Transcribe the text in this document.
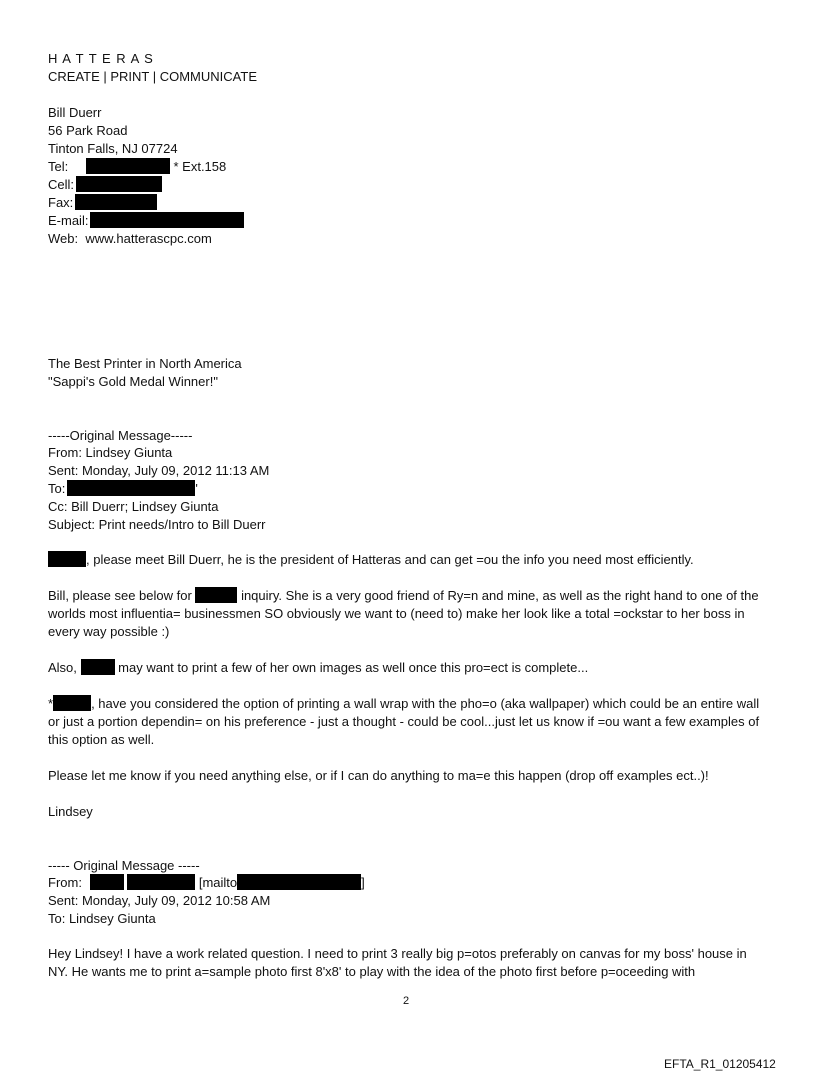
H A T T E R A S
CREATE | PRINT | COMMUNICATE
Bill Duerr
56 Park Road
Tinton Falls, NJ 07724
Tel:	* Ext.158
Cell:
Fax:
E-mail:
Web: www.hatterascpc.com
The Best Printer in North America
"Sappi's Gold Medal Winner!"
-----Original Message-----
From: Lindsey Giunta
Sent: Monday, July 09, 2012 11:13 AM
To:	'
Cc: Bill Duerr; Lindsey Giunta
Subject: Print needs/Intro to Bill Duerr
, please meet Bill Duerr, he is the president of Hatteras and can get =ou the info you need most efficiently.
Bill, please see below for	inquiry. She is a very good friend of Ry=n and mine, as well as the right hand to one of the worlds most influentia= businessmen SO obviously we want to (need to) make her look like a total =ockstar to her boss in every way possible :)
Also,	may want to print a few of her own images as well once this pro=ect is complete...
*	, have you considered the option of printing a wall wrap with the pho=o (aka wallpaper) which could be an entire wall or just a portion dependin= on his preference - just a thought - could be cool...just let us know if =ou want a few examples of this option as well.
Please let me know if you need anything else, or if I can do anything to ma=e this happen (drop off examples ect..)!
Lindsey
----- Original Message -----
From:	[mailto	]
Sent: Monday, July 09, 2012 10:58 AM
To: Lindsey Giunta
Hey Lindsey! I have a work related question. I need to print 3 really big p=otos preferably on canvas for my boss' house in NY. He wants me to print a=sample photo first 8'x8' to play with the idea of the photo first before p=oceeding with
2
EFTA_R1_01205412
